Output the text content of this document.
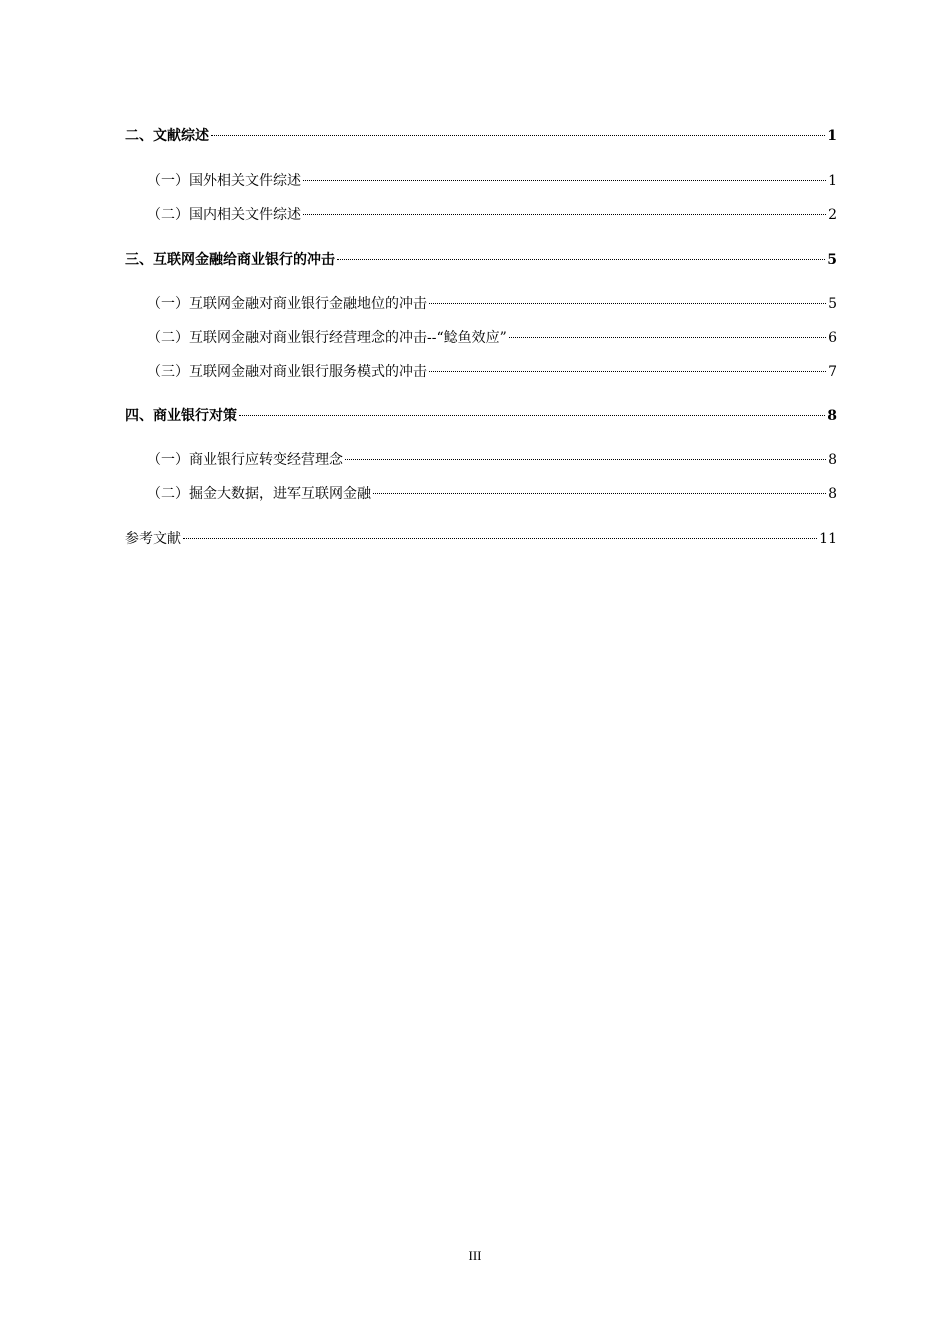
二、文献综述	1
（一）国外相关文件综述	1
（二）国内相关文件综述	2
三、互联网金融给商业银行的冲击	5
（一）互联网金融对商业银行金融地位的冲击	5
（二）互联网金融对商业银行经营理念的冲击--“鲶鱼效应”	6
（三）互联网金融对商业银行服务模式的冲击	7
四、商业银行对策	8
（一）商业银行应转变经营理念	8
（二）掘金大数据，进军互联网金融	8
参考文献	11
III
